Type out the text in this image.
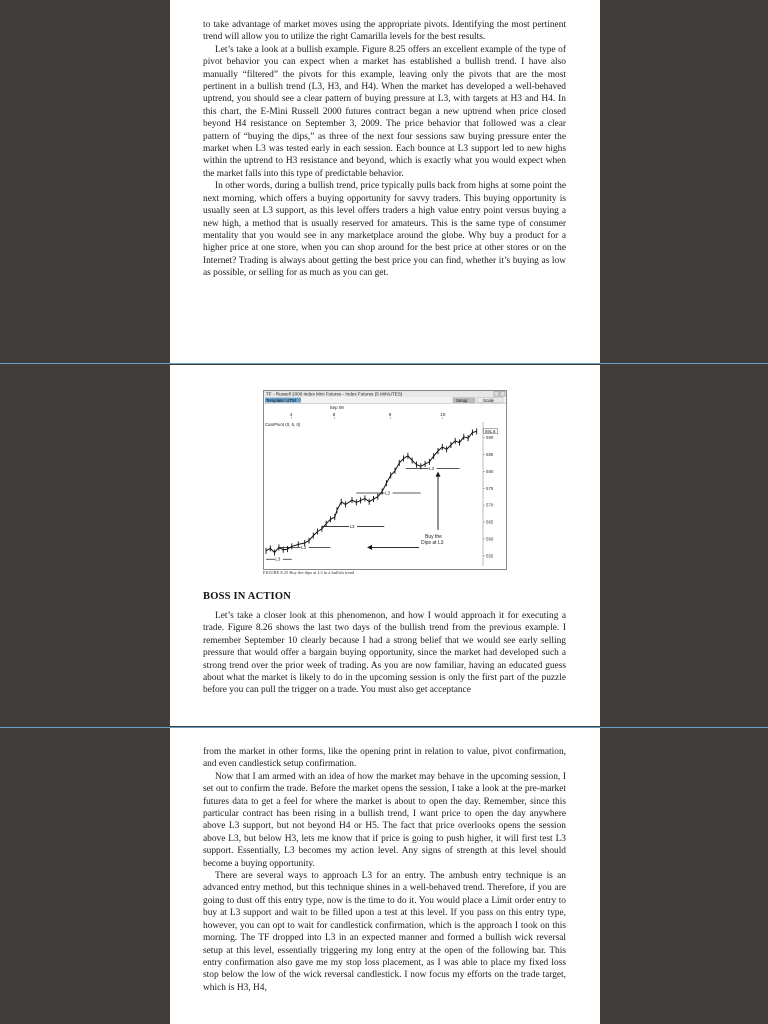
to take advantage of market moves using the appropriate pivots. Identifying the most pertinent trend will allow you to utilize the right Camarilla levels for the best results.

Let’s take a look at a bullish example. Figure 8.25 offers an excellent example of the type of pivot behavior you can expect when a market has established a bullish trend. I have also manually “filtered” the pivots for this example, leaving only the pivots that are the most pertinent in a bullish trend (L3, H3, and H4). When the market has developed a well-behaved uptrend, you should see a clear pattern of buying pressure at L3, with targets at H3 and H4. In this chart, the E-Mini Russell 2000 futures contract began a new uptrend when price closed beyond H4 resistance on September 3, 2009. The price behavior that followed was a clear pattern of “buying the dips,” as three of the next four sessions saw buying pressure enter the market when L3 was tested early in each session. Each bounce at L3 support led to new highs within the uptrend to H3 resistance and beyond, which is exactly what you would expect when the market falls into this type of predictable behavior.

In other words, during a bullish trend, price typically pulls back from highs at some point the next morning, which offers a buying opportunity for savvy traders. This buying opportunity is usually seen at L3 support, as this level offers traders a high value entry point versus buying a new high, a method that is usually reserved for amateurs. This is the same type of consumer mentality that you would see in any marketplace around the globe. Why buy a product for a higher price at one store, when you can shop around for the best price at other stores or on the Internet? Trading is always about getting the best price you can find, whether it’s buying as low as possible, or selling for as much as you can get.

TF - Russell 2000 Index Mini Futures - Index Futures (5 MINUTES)
Template: UTM	Setup	Scale
CamPivot (0, 6, 0)
Sep 09
4	8	9	10
555
560
565
570
575
580
585
590
591.8
L3
L3
L3
L3
L3
Buy the
Dips at L3
FIGURE 8.25 Buy the dips at L3 in a bullish trend
BOSS IN ACTION

Let’s take a closer look at this phenomenon, and how I would approach it for executing a trade. Figure 8.26 shows the last two days of the bullish trend from the previous example. I remember September 10 clearly because I had a strong belief that we would see early selling pressure that would offer a bargain buying opportunity, since the market had developed such a strong trend over the prior week of trading. As you are now familiar, having an educated guess about what the market is likely to do in the upcoming session is only the first part of the puzzle before you can pull the trigger on a trade. You must also get acceptance

from the market in other forms, like the opening print in relation to value, pivot confirmation, and even candlestick setup confirmation.

Now that I am armed with an idea of how the market may behave in the upcoming session, I set out to confirm the trade. Before the market opens the session, I take a look at the pre-market futures data to get a feel for where the market is about to open the day. Remember, since this particular contract has been rising in a bullish trend, I want price to open the day anywhere above L3 support, but not beyond H4 or H5. The fact that price overlooks opens the session above L3, but below H3, lets me know that if price is going to push higher, it will first test L3 support. Essentially, L3 becomes my action level. Any signs of strength at this level should become a buying opportunity.

There are several ways to approach L3 for an entry. The ambush entry technique is an advanced entry method, but this technique shines in a well-behaved trend. Therefore, if you are going to dust off this entry type, now is the time to do it. You would place a Limit order entry to buy at L3 support and wait to be filled upon a test at this level. If you pass on this entry type, however, you can opt to wait for candlestick confirmation, which is the approach I took on this morning. The TF dropped into L3 in an expected manner and formed a bullish wick reversal setup at this level, essentially triggering my long entry at the open of the following bar. This entry confirmation also gave me my stop loss placement, as I was able to place my fixed loss stop below the low of the wick reversal candlestick. I now focus my efforts on the trade target, which is H3, H4,
